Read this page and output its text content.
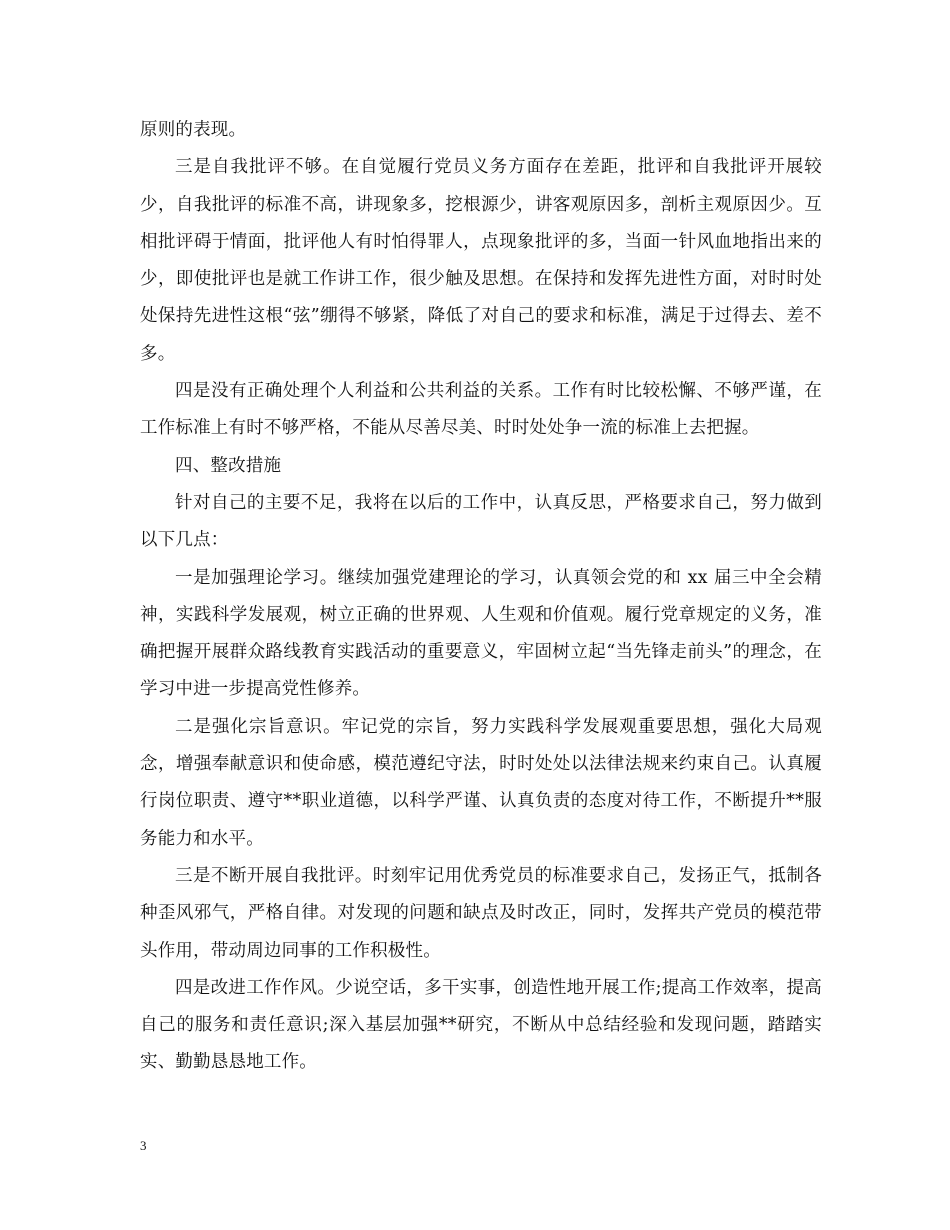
原则的表现。

三是自我批评不够。在自觉履行党员义务方面存在差距，批评和自我批评开展较少，自我批评的标准不高，讲现象多，挖根源少，讲客观原因多，剖析主观原因少。互相批评碍于情面，批评他人有时怕得罪人，点现象批评的多，当面一针风血地指出来的少，即使批评也是就工作讲工作，很少触及思想。在保持和发挥先进性方面，对时时处处保持先进性这根“弦”绷得不够紧，降低了对自己的要求和标准，满足于过得去、差不多。

四是没有正确处理个人利益和公共利益的关系。工作有时比较松懈、不够严谨，在工作标准上有时不够严格，不能从尽善尽美、时时处处争一流的标准上去把握。

四、整改措施

针对自己的主要不足，我将在以后的工作中，认真反思，严格要求自己，努力做到以下几点：

一是加强理论学习。继续加强党建理论的学习，认真领会党的和 xx 届三中全会精神，实践科学发展观，树立正确的世界观、人生观和价值观。履行党章规定的义务，准确把握开展群众路线教育实践活动的重要意义，牢固树立起“当先锋走前头”的理念，在学习中进一步提高党性修养。

二是强化宗旨意识。牢记党的宗旨，努力实践科学发展观重要思想，强化大局观念，增强奉献意识和使命感，模范遵纪守法，时时处处以法律法规来约束自己。认真履行岗位职责、遵守**职业道德，以科学严谨、认真负责的态度对待工作，不断提升**服务能力和水平。

三是不断开展自我批评。时刻牢记用优秀党员的标准要求自己，发扬正气，抵制各种歪风邪气，严格自律。对发现的问题和缺点及时改正，同时，发挥共产党员的模范带头作用，带动周边同事的工作积极性。

四是改进工作作风。少说空话，多干实事，创造性地开展工作;提高工作效率，提高自己的服务和责任意识;深入基层加强**研究，不断从中总结经验和发现问题，踏踏实实、勤勤恳恳地工作。

3
